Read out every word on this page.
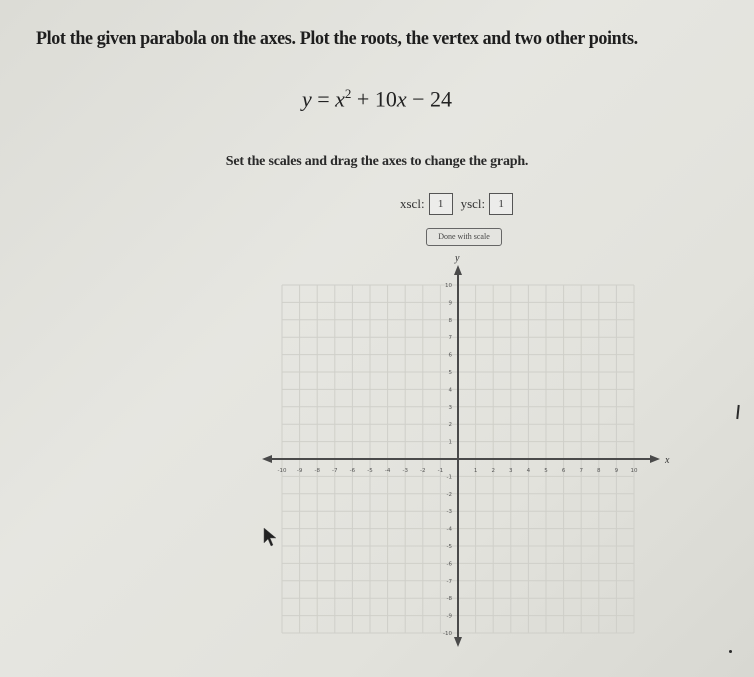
Plot the given parabola on the axes. Plot the roots, the vertex and two other points.
$y = x^2 + 10x - 24$
Set the scales and drag the axes to change the graph.
xscl:	1	yscl:	1
Done with scale
x
y
-10 -9 -8 -7 -6 -5 -4 -3 -2 -1	1	2	3	4	5	6	7	8	9 10
10
9
8
7
6
5
4
3
2
1
-1
-2
-3
-4
-5
-6
-7
-8
-9
-10
